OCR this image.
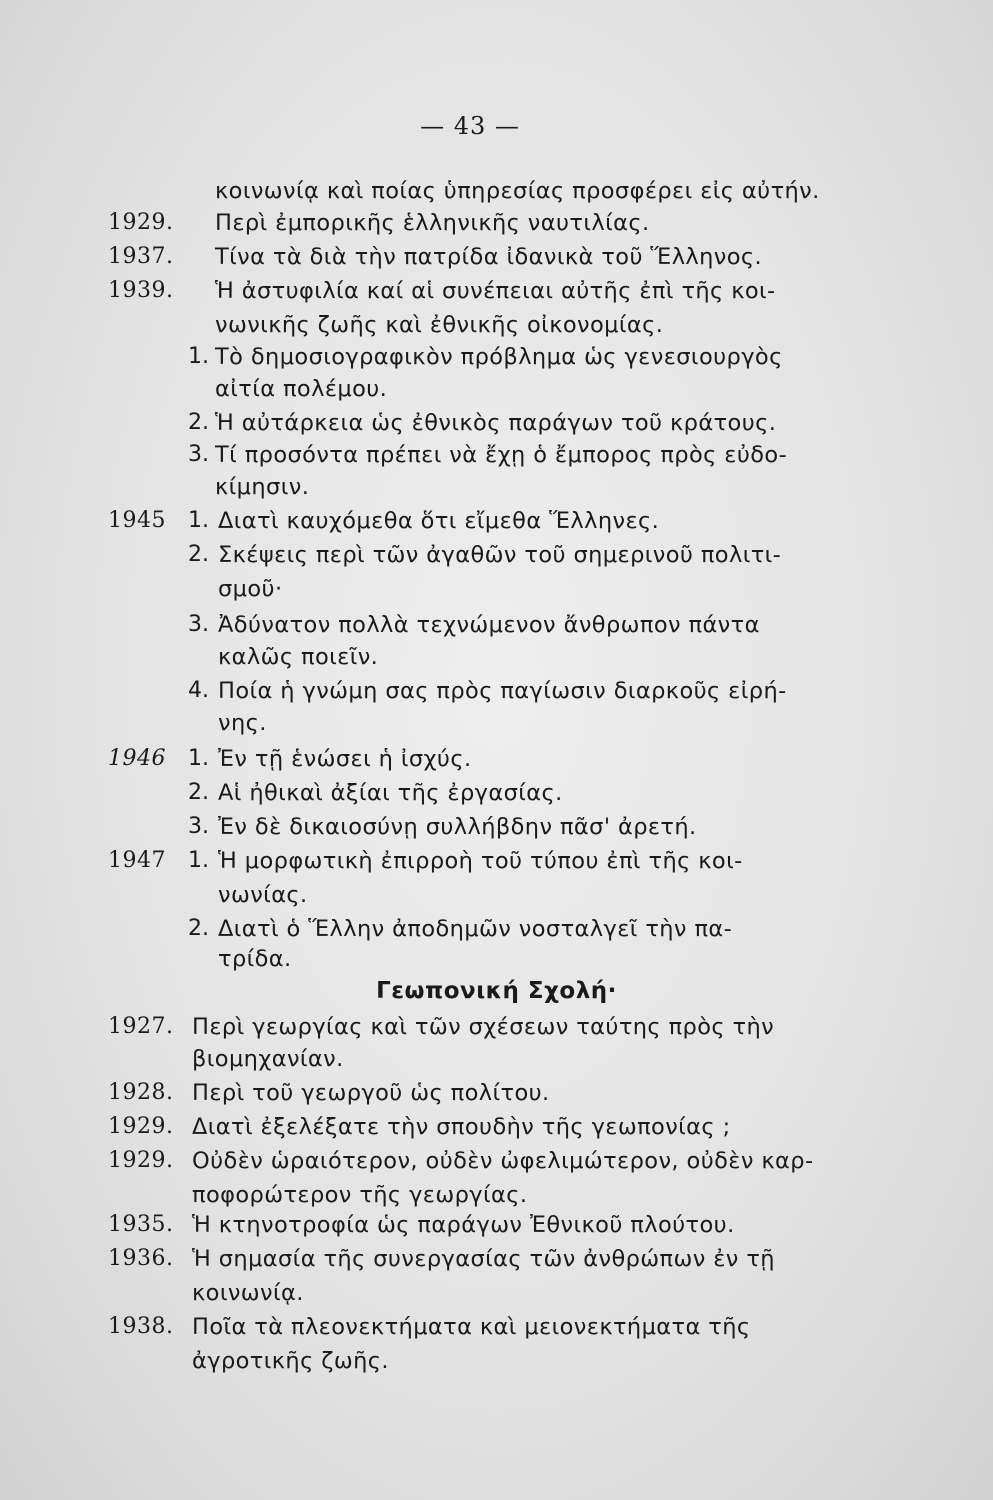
— 43 —
κοινωνίᾳ καὶ ποίας ὑπηρεσίας προσφέρει εἰς αὐτήν.
1929. Περὶ ἐμπορικῆς ἑλληνικῆς ναυτιλίας.
1937. Τίνα τὰ διὰ τὴν πατρίδα ἰδανικὰ τοῦ Ἕλληνος.
1939. Ἡ ἀστυφιλία καί αἱ συνέπειαι αὐτῆς ἐπὶ τῆς κοι-
νωνικῆς ζωῆς καὶ ἐθνικῆς οἰκονομίας.
1. Τὸ δημοσιογραφικὸν πρόβλημα ὡς γενεσιουργὸς
αἰτία πολέμου.
2. Ἡ αὐτάρκεια ὡς ἐθνικὸς παράγων τοῦ κράτους.
3. Τί προσόντα πρέπει νὰ ἔχῃ ὁ ἔμπορος πρὸς εὐδο-
κίμησιν.
1945 1. Διατὶ καυχόμεθα ὅτι εἴμεθα Ἕλληνες.
2. Σκέψεις περὶ τῶν ἀγαθῶν τοῦ σημερινοῦ πολιτι-
σμοῦ·
3. Ἀδύνατον πολλὰ τεχνώμενον ἄνθρωπον πάντα
καλῶς ποιεῖν.
4. Ποία ἡ γνώμη σας πρὸς παγίωσιν διαρκοῦς εἰρή-
νης.
1946 1. Ἐν τῇ ἑνώσει ἡ ἰσχύς.
2. Αἱ ἠθικαὶ ἀξίαι τῆς ἐργασίας.
3. Ἐν δὲ δικαιοσύνῃ συλλήβδην πᾶσ' ἀρετή.
1947 1. Ἡ μορφωτικὴ ἐπιρροὴ τοῦ τύπου ἐπὶ τῆς κοι-
νωνίας.
2. Διατὶ ὁ Ἕλλην ἀποδημῶν νοσταλγεῖ τὴν πα-
τρίδα.
Γεωπονική Σχολή·
1927. Περὶ γεωργίας καὶ τῶν σχέσεων ταύτης πρὸς τὴν
βιομηχανίαν.
1928. Περὶ τοῦ γεωργοῦ ὡς πολίτου.
1929. Διατὶ ἐξελέξατε τὴν σπουδὴν τῆς γεωπονίας ;
1929. Οὐδὲν ὡραιότερον, οὐδὲν ὠφελιμώτερον, οὐδὲν καρ-
ποφορώτερον τῆς γεωργίας.
1935. Ἡ κτηνοτροφία ὡς παράγων Ἐθνικοῦ πλούτου.
1936. Ἡ σημασία τῆς συνεργασίας τῶν ἀνθρώπων ἐν τῇ
κοινωνίᾳ.
1938. Ποῖα τὰ πλεονεκτήματα καὶ μειονεκτήματα τῆς
ἀγροτικῆς ζωῆς.
